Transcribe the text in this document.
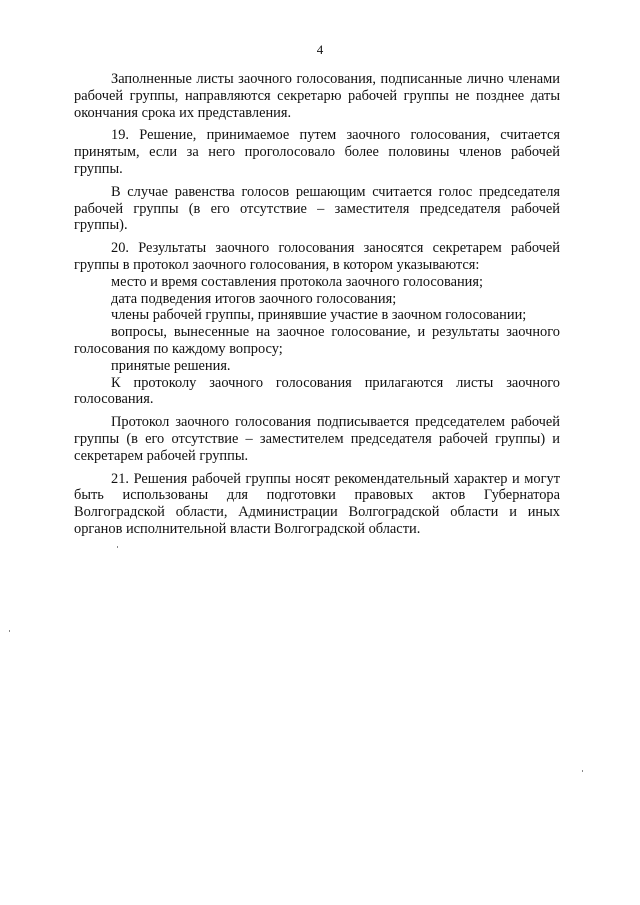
4

Заполненные листы заочного голосования, подписанные лично членами рабочей группы, направляются секретарю рабочей группы не позднее даты окончания срока их представления.

19. Решение, принимаемое путем заочного голосования, считается принятым, если за него проголосовало более половины членов рабочей группы.

В случае равенства голосов решающим считается голос председателя рабочей группы (в его отсутствие – заместителя председателя рабочей группы).

20. Результаты заочного голосования заносятся секретарем рабочей группы в протокол заочного голосования, в котором указываются:

место и время составления протокола заочного голосования;

дата подведения итогов заочного голосования;

члены рабочей группы, принявшие участие в заочном голосовании;

вопросы, вынесенные на заочное голосование, и результаты заочного голосования по каждому вопросу;

принятые решения.

К протоколу заочного голосования прилагаются листы заочного голосования.

Протокол заочного голосования подписывается председателем рабочей группы (в его отсутствие – заместителем председателя рабочей группы) и секретарем рабочей группы.

21. Решения рабочей группы носят рекомендательный характер и могут быть использованы для подготовки правовых актов Губернатора Волгоградской области, Администрации Волгоградской области и иных органов исполнительной власти Волгоградской области.
